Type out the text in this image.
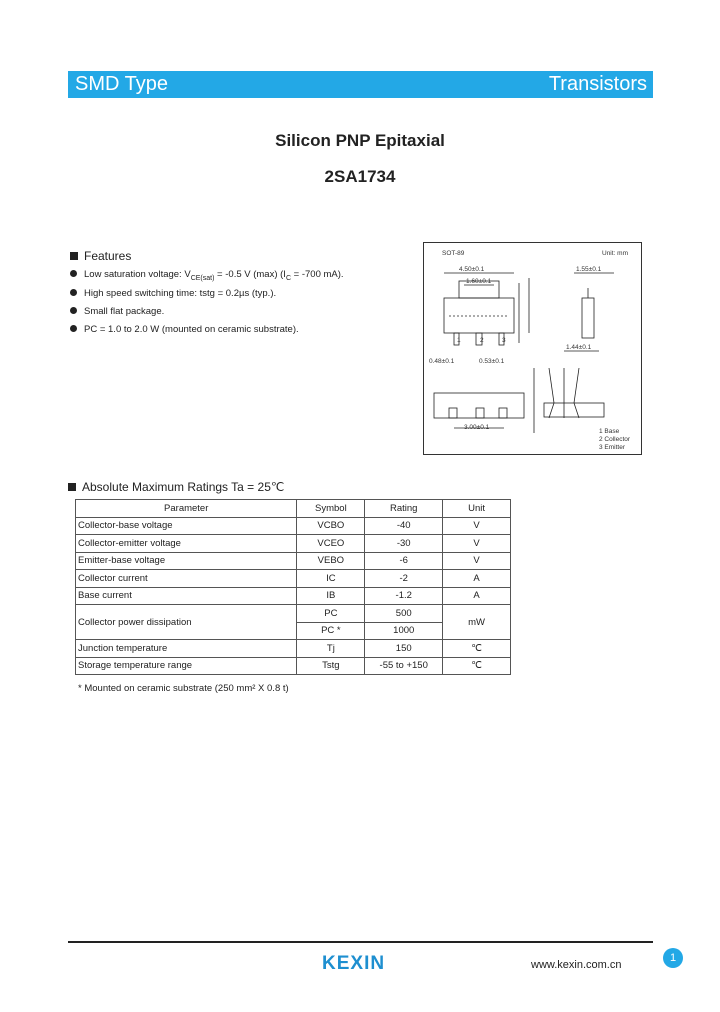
SMD Type	Transistors
Silicon PNP Epitaxial
2SA1734
Features
Low saturation voltage: $V_{CE(sat)} = -0.5$ V (max) ($I_C = -700$ mA).
High speed switching time: tstg = 0.2µs (typ.).
Small flat package.
PC = 1.0 to 2.0 W (mounted on ceramic substrate).
SOT-89	Unit: mm
4.50±0.1
1.60±0.1
1.55±0.1
1	2	3
0.48±0.1	0.53±0.1
1.44±0.1
3.00±0.1
1 Base
2 Collector
3 Emitter
Absolute Maximum Ratings Ta = 25℃
Parameter	Symbol	Rating	Unit
Collector-base voltage	VCBO	-40	V
Collector-emitter voltage	VCEO	-30	V
Emitter-base voltage	VEBO	-6	V
Collector current	IC	-2	A
Base current	IB	-1.2	A
Collector power dissipation	PC	500	mW
	PC *	1000	
Junction temperature	Tj	150	℃
Storage temperature range	Tstg	-55 to +150	℃
* Mounted on ceramic substrate (250 mm² X 0.8 t)
KEXIN	www.kexin.com.cn
1
